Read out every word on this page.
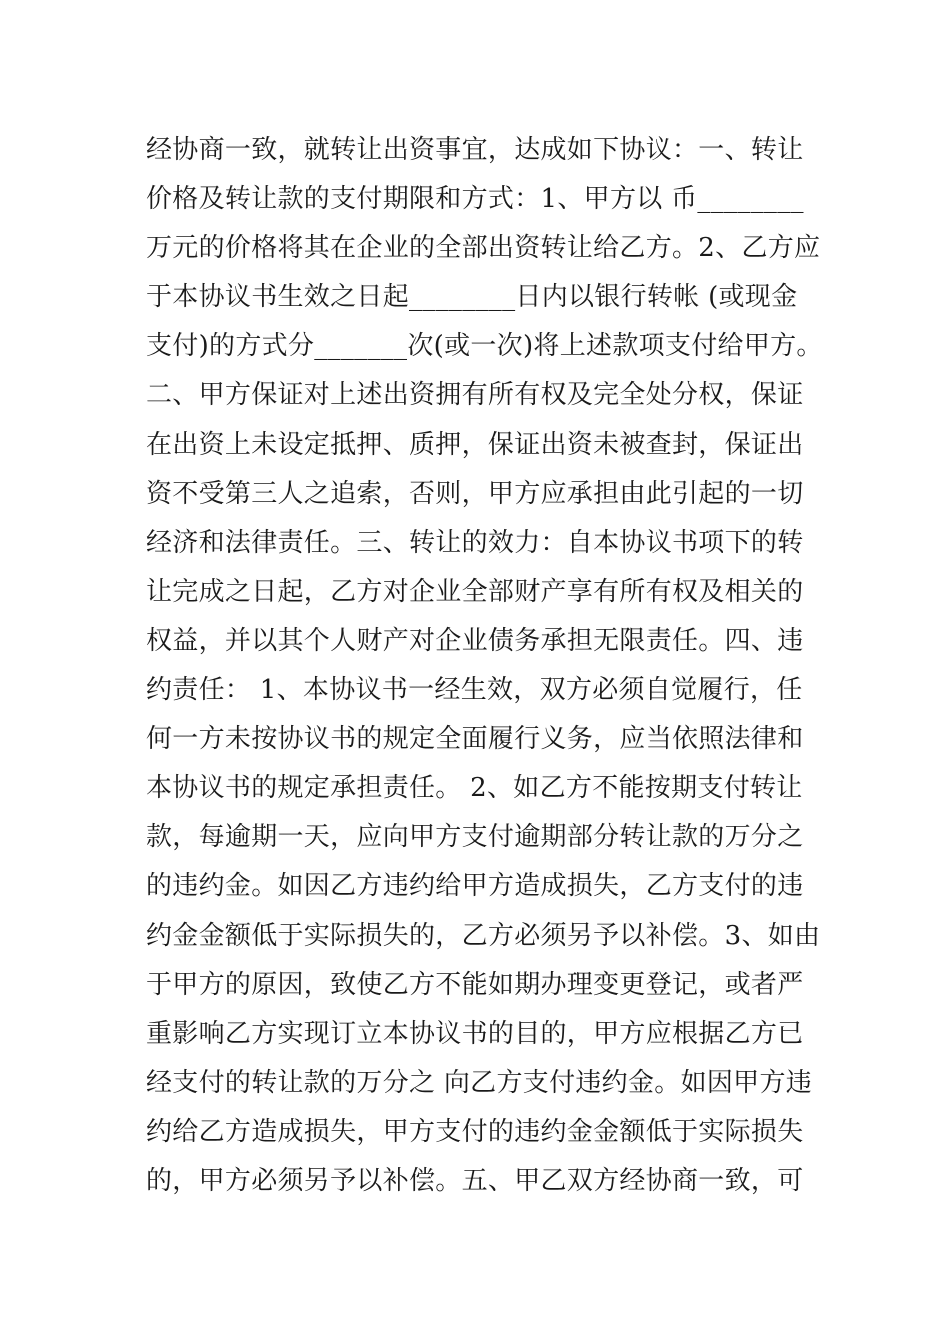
经协商一致，就转让出资事宜，达成如下协议：一、转让
价格及转让款的支付期限和方式：1、甲方以 币________
万元的价格将其在企业的全部出资转让给乙方。2、乙方应
于本协议书生效之日起________日内以银行转帐 (或现金
支付)的方式分_______次(或一次)将上述款项支付给甲方。
二、甲方保证对上述出资拥有所有权及完全处分权，保证
在出资上未设定抵押、质押，保证出资未被查封，保证出
资不受第三人之追索，否则，甲方应承担由此引起的一切
经济和法律责任。三、转让的效力：自本协议书项下的转
让完成之日起，乙方对企业全部财产享有所有权及相关的
权益，并以其个人财产对企业债务承担无限责任。四、违
约责任： 1、本协议书一经生效，双方必须自觉履行，任
何一方未按协议书的规定全面履行义务，应当依照法律和
本协议书的规定承担责任。 2、如乙方不能按期支付转让
款，每逾期一天，应向甲方支付逾期部分转让款的万分之
的违约金。如因乙方违约给甲方造成损失，乙方支付的违
约金金额低于实际损失的，乙方必须另予以补偿。3、如由
于甲方的原因，致使乙方不能如期办理变更登记，或者严
重影响乙方实现订立本协议书的目的，甲方应根据乙方已
经支付的转让款的万分之 向乙方支付违约金。如因甲方违
约给乙方造成损失，甲方支付的违约金金额低于实际损失
的，甲方必须另予以补偿。五、甲乙双方经协商一致，可
